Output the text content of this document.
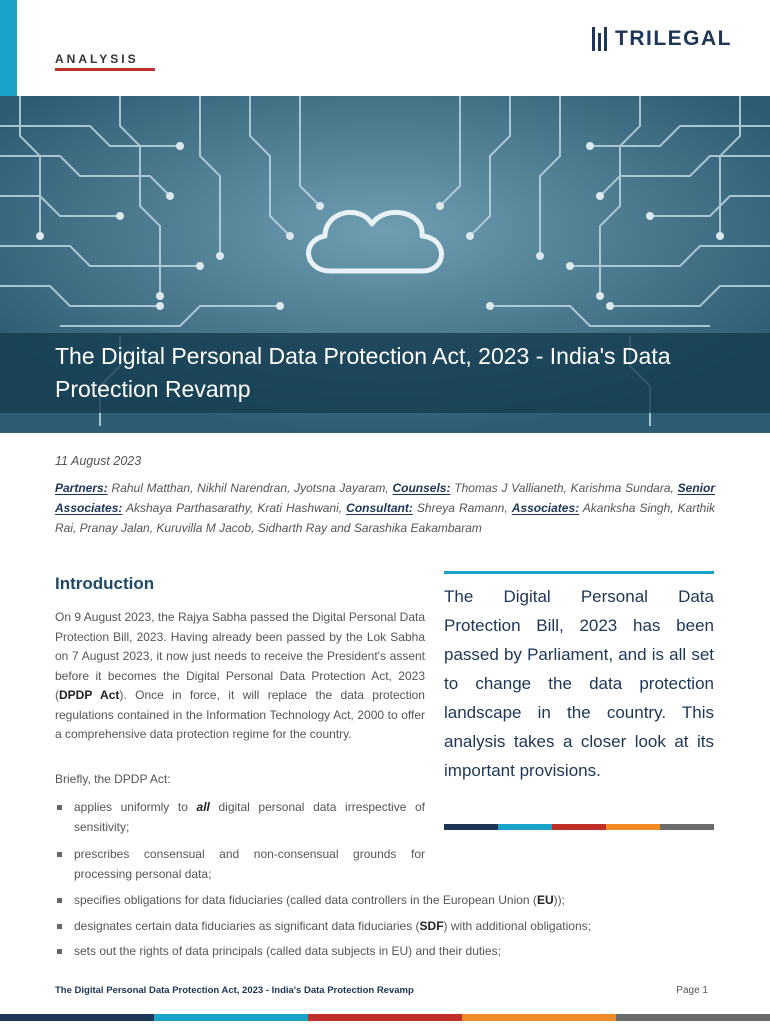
ANALYSIS
TRILEGAL
The Digital Personal Data Protection Act, 2023 - India's Data Protection Revamp
11 August 2023
Partners: Rahul Matthan, Nikhil Narendran, Jyotsna Jayaram, Counsels: Thomas J Vallianeth, Karishma Sundara, Senior Associates: Akshaya Parthasarathy, Krati Hashwani, Consultant: Shreya Ramann, Associates: Akanksha Singh, Karthik Rai, Pranay Jalan, Kuruvilla M Jacob, Sidharth Ray and Sarashika Eakambaram
Introduction
On 9 August 2023, the Rajya Sabha passed the Digital Personal Data Protection Bill, 2023. Having already been passed by the Lok Sabha on 7 August 2023, it now just needs to receive the President's assent before it becomes the Digital Personal Data Protection Act, 2023 (DPDP Act). Once in force, it will replace the data protection regulations contained in the Information Technology Act, 2000 to offer a comprehensive data protection regime for the country.
Briefly, the DPDP Act:
applies uniformly to all digital personal data irrespective of sensitivity;
prescribes consensual and non-consensual grounds for processing personal data;
specifies obligations for data fiduciaries (called data controllers in the European Union (EU));
designates certain data fiduciaries as significant data fiduciaries (SDF) with additional obligations;
sets out the rights of data principals (called data subjects in EU) and their duties;
The Digital Personal Data Protection Bill, 2023 has been passed by Parliament, and is all set to change the data protection landscape in the country. This analysis takes a closer look at its important provisions.
The Digital Personal Data Protection Act, 2023 - India's Data Protection Revamp	Page 1
